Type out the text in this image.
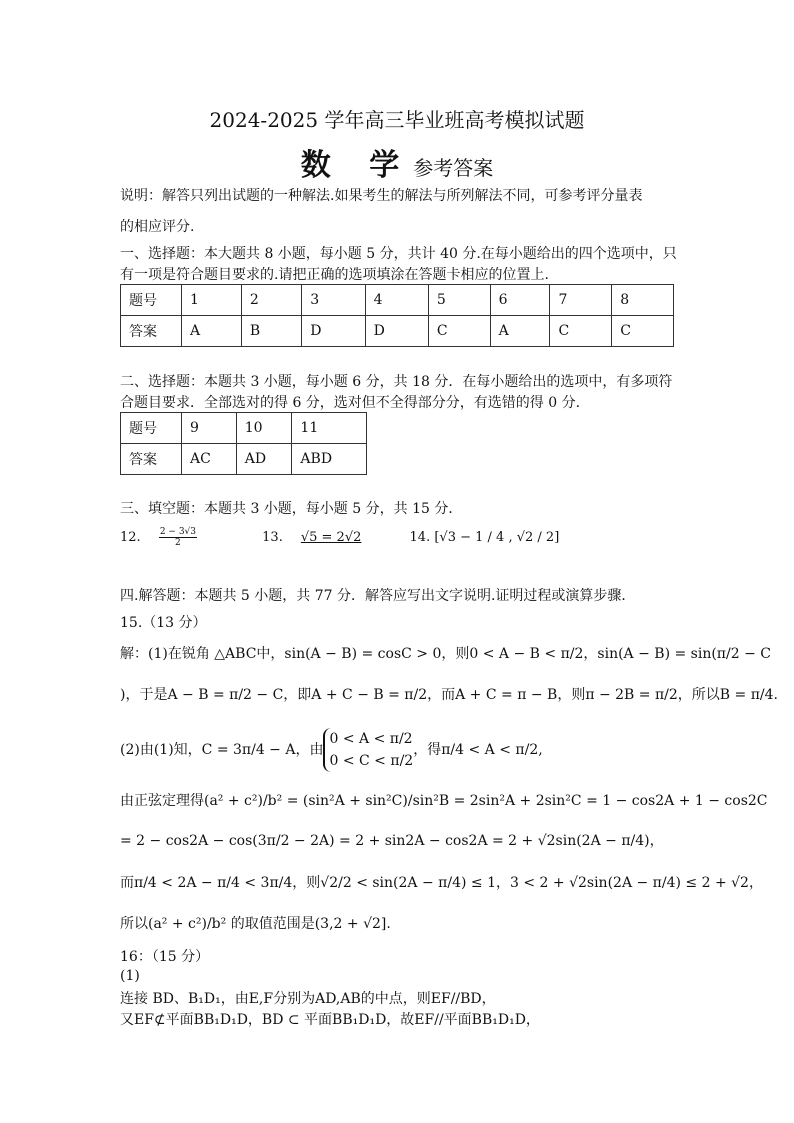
2024-2025 学年高三毕业班高考模拟试题
数 学参考答案
说明：解答只列出试题的一种解法.如果考生的解法与所列解法不同，可参考评分量表
的相应评分.
一、选择题：本大题共 8 小题，每小题 5 分，共计 40 分.在每小题给出的四个选项中，只
有一项是符合题目要求的.请把正确的选项填涂在答题卡相应的位置上.
题号	1	2	3	4	5	6	7	8
答案	A	B	D	D	C	A	C	C
二、选择题：本题共 3 小题，每小题 6 分，共 18 分．在每小题给出的选项中，有多项符
合题目要求．全部选对的得 6 分，选对但不全得部分分，有选错的得 0 分.
题号	9	10	11
答案	AC	AD	ABD
三、填空题：本题共 3 小题，每小题 5 分，共 15 分．
12. $\frac{2 - 3√3}{2}$	13. √5 = 2√2	14. [√3 − 1 / 4 , √2 / 2]
四.解答题：本题共 5 小题，共 77 分．解答应写出文字说明.证明过程或演算步骤．
15.（13 分）
解：(1)在锐角 △ABC中，sin(A − B) = cosC > 0，则0 < A − B < π/2，sin(A − B) = sin(π/2 − C
)，于是A − B = π/2 − C，即A + C − B = π/2，而A + C = π − B，则π − 2B = π/2，所以B = π/4.
(2)由(1)知，C = 3π/4 − A，由
0 < A < π/2
0 < C < π/2
，得π/4 < A < π/2,
由正弦定理得(a² + c²)/b² = (sin²A + sin²C)/sin²B = 2sin²A + 2sin²C = 1 − cos2A + 1 − cos2C
= 2 − cos2A − cos(3π/2 − 2A) = 2 + sin2A − cos2A = 2 + √2sin(2A − π/4)，
而π/4 < 2A − π/4 < 3π/4，则√2/2 < sin(2A − π/4) ≤ 1，3 < 2 + √2sin(2A − π/4) ≤ 2 + √2，
所以(a² + c²)/b² 的取值范围是(3,2 + √2].
16：（15 分）
(1)
连接 BD、B₁D₁，由E,F分别为AD,AB的中点，则EF//BD，
又EF⊄平面BB₁D₁D，BD ⊂ 平面BB₁D₁D，故EF//平面BB₁D₁D，
